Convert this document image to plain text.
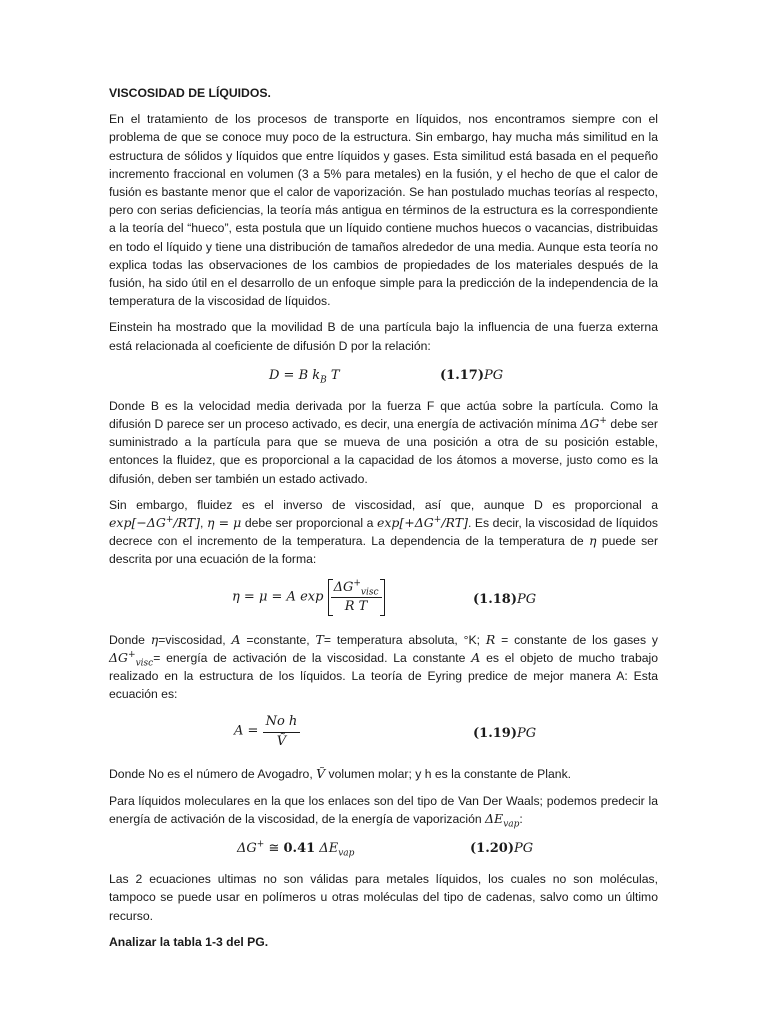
VISCOSIDAD DE LÍQUIDOS.

En el tratamiento de los procesos de transporte en líquidos, nos encontramos siempre con el problema de que se conoce muy poco de la estructura. Sin embargo, hay mucha más similitud en la estructura de sólidos y líquidos que entre líquidos y gases. Esta similitud está basada en el pequeño incremento fraccional en volumen (3 a 5% para metales) en la fusión, y el hecho de que el calor de fusión es bastante menor que el calor de vaporización. Se han postulado muchas teorías al respecto, pero con serias deficiencias, la teoría más antigua en términos de la estructura es la correspondiente a la teoría del “hueco”, esta postula que un líquido contiene muchos huecos o vacancias, distribuidas en todo el líquido y tiene una distribución de tamaños alrededor de una media. Aunque esta teoría no explica todas las observaciones de los cambios de propiedades de los materiales después de la fusión, ha sido útil en el desarrollo de un enfoque simple para la predicción de la independencia de la temperatura de la viscosidad de líquidos.

Einstein ha mostrado que la movilidad B de una partícula bajo la influencia de una fuerza externa está relacionada al coeficiente de difusión D por la relación:

D = B $k_B$ T	(1.17)PG

Donde B es la velocidad media derivada por la fuerza F que actúa sobre la partícula. Como la difusión D parece ser un proceso activado, es decir, una energía de activación mínima ΔG+ debe ser suministrado a la partícula para que se mueva de una posición a otra de su posición estable, entonces la fluidez, que es proporcional a la capacidad de los átomos a moverse, justo como es la difusión, deben ser también un estado activado.

Sin embargo, fluidez es el inverso de viscosidad, así que, aunque D es proporcional a exp[−ΔG+/RT], η = μ debe ser proporcional a exp[+ΔG+/RT]. Es decir, la viscosidad de líquidos decrece con el incremento de la temperatura. La dependencia de la temperatura de η puede ser descrita por una ecuación de la forma:

η = μ = A $\exp \frac{\Delta G^+_{visc}}{\text{R T}}$	(1.18)PG

Donde η=viscosidad, A =constante, T= temperatura absoluta, °K; R = constante de los gases y $\Delta G^+_{visc}=$ energía de activación de la viscosidad. La constante A es el objeto de mucho trabajo realizado en la estructura de los líquidos. La teoría de Eyring predice de mejor manera A: Esta ecuación es:

$A = \frac{\text{No h}}{\text{Ṽ}}$	(1.19)PG

Donde No es el número de Avogadro, Ṽ volumen molar; y h es la constante de Plank.

Para líquidos moleculares en la que los enlaces son del tipo de Van Der Waals; podemos predecir la energía de activación de la viscosidad, de la energía de vaporización $\Delta E_{vap}$:

ΔG+ ≅ 0.41 $\Delta E_{vap}$	(1.20)PG

Las 2 ecuaciones ultimas no son válidas para metales líquidos, los cuales no son moléculas, tampoco se puede usar en polímeros u otras moléculas del tipo de cadenas, salvo como un último recurso.

Analizar la tabla 1-3 del PG.
